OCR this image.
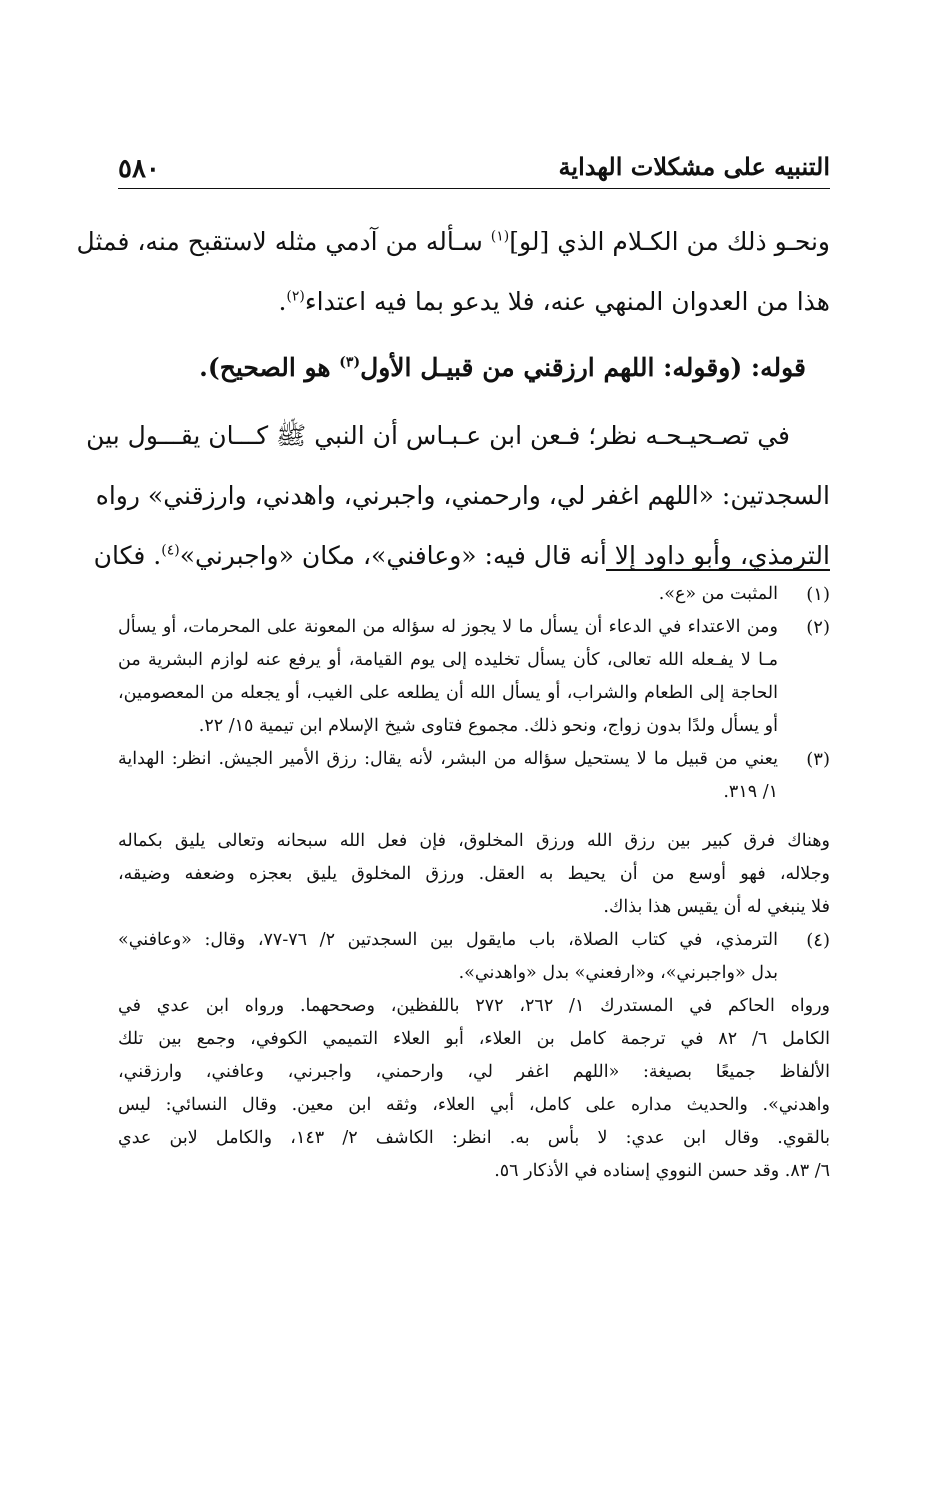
التنبيه على مشكلات الهداية
٥٨٠
ونحـو ذلك من الكـلام الذي [لو]$^{(١)}$ سـأله من آدمي مثله لاستقبح منه، فمثل
هذا من العدوان المنهي عنه، فلا يدعو بما فيه اعتداء$^{(٢)}$.
قوله: (وقوله: اللهم ارزقني من قبيـل الأول$^{(٣)}$ هو الصحيح).
في تصـحيـحـه نظر؛ فـعن ابن عـبـاس أن النبي ﷺ كـــان يقـــول بين
السجدتين: «اللهم اغفر لي، وارحمني، واجبرني، واهدني، وارزقني» رواه
الترمذي، وأبو داود إلا أنه قال فيه: «وعافني»، مكان «واجبرني»$^{(٤)}$. فكان
(١)
المثبت من «ع».
(٢)
ومن الاعتداء في الدعاء أن يسأل ما لا يجوز له سؤاله من المعونة على المحرمات، أو يسأل
مـا لا يفـعله الله تعالى، كأن يسأل تخليده إلى يوم القيامة، أو يرفع عنه لوازم البشرية من
الحاجة إلى الطعام والشراب، أو يسأل الله أن يطلعه على الغيب، أو يجعله من المعصومين،
أو يسأل ولدًا بدون زواج، ونحو ذلك. مجموع فتاوى شيخ الإسلام ابن تيمية ١٥/ ٢٢.
(٣)
يعني من قبيل ما لا يستحيل سؤاله من البشر، لأنه يقال: رزق الأمير الجيش. انظر: الهداية
١/ ٣١٩.
وهناك فرق كبير بين رزق الله ورزق المخلوق، فإن فعل الله سبحانه وتعالى يليق بكماله
وجلاله، فهو أوسع من أن يحيط به العقل. ورزق المخلوق يليق بعجزه وضعفه وضيقه،
فلا ينبغي له أن يقيس هذا بذاك.
(٤)
الترمذي، في كتاب الصلاة، باب مايقول بين السجدتين ٢/ ٧٦-٧٧، وقال: «وعافني»
بدل «واجبرني»، و«ارفعني» بدل «واهدني».
ورواه الحاكم في المستدرك ١/ ٢٦٢، ٢٧٢ باللفظين، وصححهما. ورواه ابن عدي في
الكامل ٦/ ٨٢ في ترجمة كامل بن العلاء، أبو العلاء التميمي الكوفي، وجمع بين تلك
الألفاظ جميعًا بصيغة: «اللهم اغفر لي، وارحمني، واجبرني، وعافني، وارزقني،
واهدني». والحديث مداره على كامل، أبي العلاء، وثقه ابن معين. وقال النسائي: ليس
بالقوي. وقال ابن عدي: لا بأس به. انظر: الكاشف ٢/ ١٤٣، والكامل لابن عدي
٦/ ٨٣. وقد حسن النووي إسناده في الأذكار ٥٦.
